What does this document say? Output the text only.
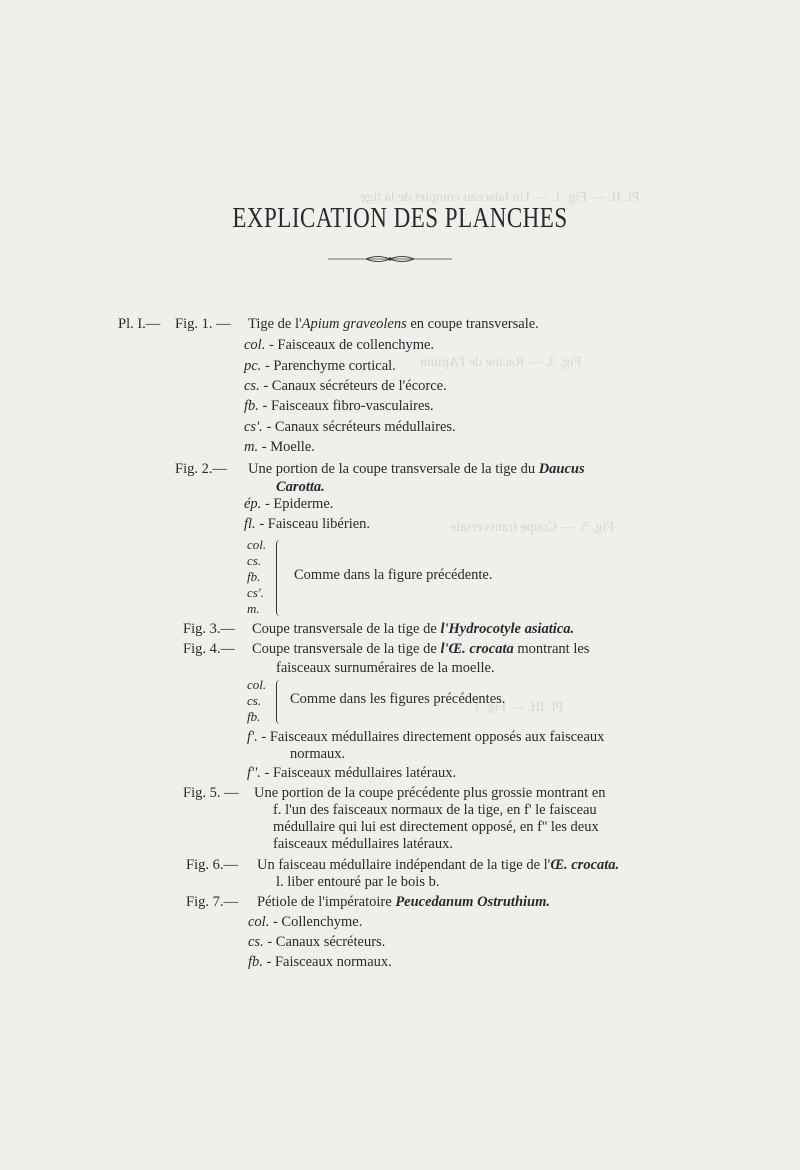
Pl. II. — Fig. 1. — Un faisceau complet de la tige
Fig. 3. — Racine de l'Apium
Fig. 5. — Coupe transversale
Pl. III. — Fig. 1.
EXPLICATION DES PLANCHES
Pl. I.— Fig. 1. — Tige de l'Apium graveolens en coupe transversale.
col. - Faisceaux de collenchyme.
pc. - Parenchyme cortical.
cs. - Canaux sécréteurs de l'écorce.
fb. - Faisceaux fibro-vasculaires.
cs'. - Canaux sécréteurs médullaires.
m. - Moelle.
Fig. 2.— Une portion de la coupe transversale de la tige du Daucus
Carotta.
ép. - Epiderme.
fl. - Faisceau libérien.
col.
cs.
fb.
cs'.
m.
Comme dans la figure précédente.
Fig. 3.— Coupe transversale de la tige de l'Hydrocotyle asiatica.
Fig. 4.— Coupe transversale de la tige de l'Œ. crocata montrant les
faisceaux surnuméraires de la moelle.
col.
cs.
fb.
Comme dans les figures précédentes.
f'. - Faisceaux médullaires directement opposés aux faisceaux
normaux.
f''. - Faisceaux médullaires latéraux.
Fig. 5. — Une portion de la coupe précédente plus grossie montrant en
f. l'un des faisceaux normaux de la tige, en f' le faisceau
médullaire qui lui est directement opposé, en f'' les deux
faisceaux médullaires latéraux.
Fig. 6.— Un faisceau médullaire indépendant de la tige de l'Œ. crocata.
l. liber entouré par le bois b.
Fig. 7.— Pétiole de l'impératoire Peucedanum Ostruthium.
col. - Collenchyme.
cs. - Canaux sécréteurs.
fb. - Faisceaux normaux.
